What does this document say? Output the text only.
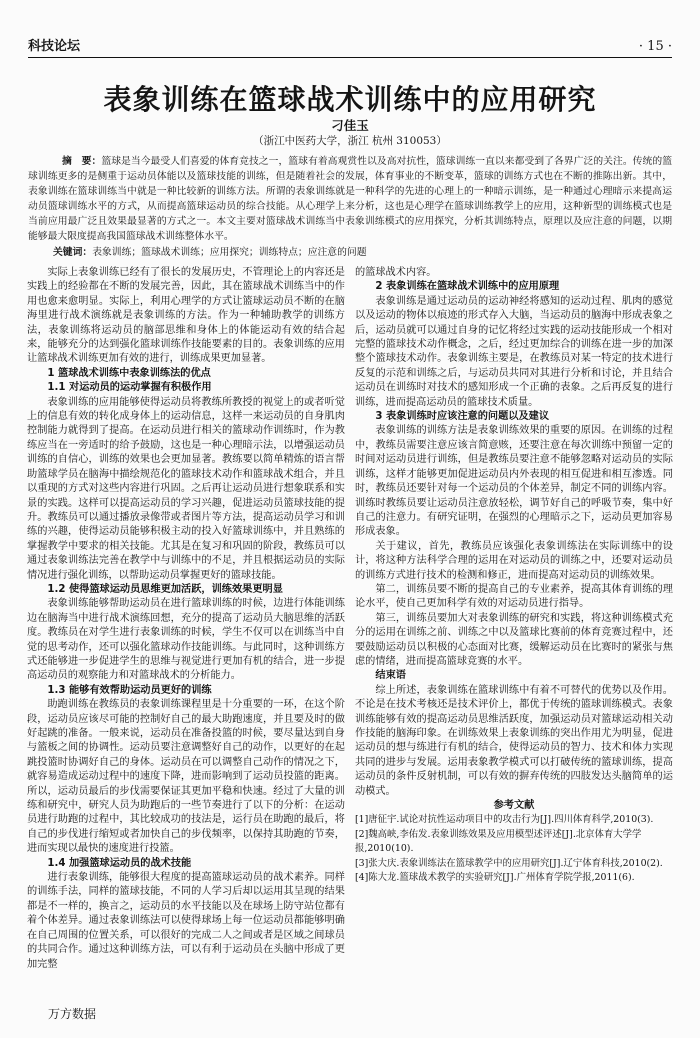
科技论坛	· 15 ·
表象训练在篮球战术训练中的应用研究
刁佳玉
（浙江中医药大学，浙江 杭州 310053）
摘　要：篮球是当今最受人们喜爱的体育竞技之一，篮球有着高观赏性以及高对抗性，篮球训练一直以来都受到了各界广泛的关注。传统的篮球训练更多的是侧重于运动员体能以及篮球技能的训练，但是随着社会的发展，体育事业的不断变革，篮球的训练方式也在不断的推陈出新。其中，表象训练在篮球训练当中就是一种比较新的训练方法。所谓的表象训练就是一种科学的先进的心理上的一种暗示训练，是一种通过心理暗示来提高运动员篮球训练水平的方式，从而提高篮球运动员的综合技能。从心理学上来分析，这也是心理学在篮球训练教学上的应用，这种新型的训练模式也是当前应用最广泛且效果最显著的方式之一。本文主要对篮球战术训练当中表象训练模式的应用探究，分析其训练特点，原理以及应注意的问题，以期能够最大限度提高我国篮球战术训练整体水平。
关键词：表象训练；篮球战术训练；应用探究；训练特点；应注意的问题

实际上表象训练已经有了很长的发展历史，不管理论上的内容还是实践上的经验都在不断的发展完善，因此，其在篮球战术训练当中的作用也愈来愈明显。实际上，利用心理学的方式让篮球运动员不断的在脑海里进行战术演练就是表象训练的方法。作为一种辅助教学的训练方法，表象训练将运动员的脑部思维和身体上的体能运动有效的结合起来，能够充分的达到强化篮球训练作技能要素的目的。表象训练的应用让篮球战术训练更加有效的进行，训练成果更加显著。

1 篮球战术训练中表象训练法的优点
1.1 对运动员的运动掌握有积极作用

表象训练的应用能够使得运动员将教练所教授的视觉上的或者听觉上的信息有效的转化成身体上的运动信息，这样一来运动员的自身肌肉控制能力就得到了提高。在运动员进行相关的篮球动作训练时，作为教练应当在一旁适时的给予鼓励，这也是一种心理暗示法，以增强运动员训练的自信心，训练的效果也会更加显著。教练要以简单精炼的语言帮助篮球学员在脑海中描绘规范化的篮球技术动作和篮球战术组合，并且以重现的方式对这些内容进行巩固。之后再让运动员进行想象联系和实景的实践。这样可以提高运动员的学习兴趣，促进运动员篮球技能的提升。教练员可以通过播放录像带或者图片等方法，提高运动员学习和训练的兴趣，使得运动员能够积极主动的投入好篮球训练中，并且熟练的掌握教学中要求的相关技能。尤其是在复习和巩固的阶段，教练员可以通过表象训练法完善在教学中与训练中的不足，并且根据运动员的实际情况进行强化训练，以帮助运动员掌握更好的篮球技能。

1.2 使得篮球运动员思维更加活跃，训练效果更明显

表象训练能够帮助运动员在进行篮球训练的时候，边进行体能训练边在脑海当中进行战术演练回想，充分的提高了运动员大脑思维的活跃度。教练员在对学生进行表象训练的时候，学生不仅可以在训练当中自觉的思考动作，还可以强化篮球动作技能训练。与此同时，这种训练方式还能够进一步促进学生的思维与视觉进行更加有机的结合，进一步提高运动员的观察能力和对篮球战术的分析能力。

1.3 能够有效帮助运动员更好的训练

助跑训练在教练员的表象训练课程里是十分重要的一环，在这个阶段，运动员应该尽可能的控制好自己的最大助跑速度，并且要及时的做好起跳的准备。一般来说，运动员在准备投篮的时候，要尽量达到自身与篮板之间的协调性。运动员要注意调整好自己的动作，以更好的在起跳投篮时协调好自己的身体。运动员在可以调整自己动作的情况之下，就容易造成运动过程中的速度下降，进而影响到了运动员投篮的距离。所以，运动员最后的步伐需要保证其更加平稳和快速。经过了大量的训练和研究中，研究人员为助跑后的一些节奏进行了以下的分析：在运动员进行助跑的过程中，其比较成功的技法是，运行员在助跑的最后，将自己的步伐进行缩短或者加快自己的步伐频率，以保持其助跑的节奏，进而实现以最快的速度进行投篮。

1.4 加强篮球运动员的战术技能

进行表象训练，能够很大程度的提高篮球运动员的战术素养。同样的训练手法，同样的篮球技能，不同的人学习后却以运用其呈现的结果都是不一样的，换言之，运动员的水平技能以及在球场上防守站位都有着个体差异。通过表象训练法可以使得球场上每一位运动员都能够明确在自己周围的位置关系，可以很好的完成二人之间或者是区域之间球员的共同合作。通过这种训练方法，可以有利于运动员在头脑中形成了更加完整

的篮球战术内容。

2 表象训练在篮球战术训练中的应用原理

表象训练是通过运动员的运动神经将感知的运动过程、肌肉的感觉以及运动的物体以痕迹的形式存入大脑，当运动员的脑海中形成表象之后，运动员就可以通过自身的记忆将经过实践的运动技能形成一个相对完整的篮球技术动作概念，之后，经过更加综合的训练在进一步的加深整个篮球技术动作。表象训练主要是，在教练员对某一特定的技术进行反复的示范和训练之后，与运动员共同对其进行分析和讨论，并且结合运动员在训练时对技术的感知形成一个正确的表象。之后再反复的进行训练，进而提高运动员的篮球技术质量。

3 表象训练时应该注意的问题以及建议

表象训练的训练方法是表象训练效果的重要的原因。在训练的过程中，教练员需要注意应该言简意赅，还要注意在每次训练中预留一定的时间对运动员进行训练，但是教练员要注意不能够忽略对运动员的实际训练，这样才能够更加促进运动员内外表现的相互促进和相互渗透。同时，教练员还要针对每一个运动员的个体差异，制定不同的训练内容。训练时教练员要让运动员注意放轻松，调节好自己的呼吸节奏，集中好自己的注意力。有研究证明，在强烈的心理暗示之下，运动员更加容易形成表象。

关于建议，首先，教练员应该强化表象训练法在实际训练中的设计，将这种方法科学合理的运用在对运动员的训练之中，还要对运动员的训练方式进行技术的检测和修正，进而提高对运动员的训练效果。

第二，训练员要不断的提高自己的专业素养，提高其体育训练的理论水平，使自己更加科学有效的对运动员进行指导。

第三，训练员要加大对表象训练的研究和实践，将这种训练模式充分的运用在训练之前、训练之中以及篮球比赛前的体育竞赛过程中，还要鼓励运动员以积极的心态面对比赛，缓解运动员在比赛时的紧张与焦虑的情绪，进而提高篮球竞赛的水平。

结束语

综上所述，表象训练在篮球训练中有着不可替代的优势以及作用。不论是在技术考核还是技术评价上，都优于传统的篮球训练模式。表象训练能够有效的提高运动员思维活跃度，加强运动员对篮球运动相关动作技能的脑海印象。在训练效果上表象训练的突出作用尤为明显，促进运动员的想与练进行有机的结合，使得运动员的智力、技术和体力实现共同的进步与发展。运用表象教学模式可以打破传统的篮球训练，提高运动员的条件反射机制，可以有效的摒弃传统的四肢发达头脑简单的运动模式。

参考文献

[1]唐征宇.试论对抗性运动项目中的攻击行为[J].四川体育科学,2010(3).

[2]魏高峡,李佑发.表象训练效果及应用模型述评述[J].北京体育大学学报,2010(10).

[3]张大庆.表象训练法在篮球教学中的应用研究[J].辽宁体育科技,2010(2).

[4]陈大龙.篮球战术教学的实验研究[J].广州体育学院学报,2011(6).

万方数据
